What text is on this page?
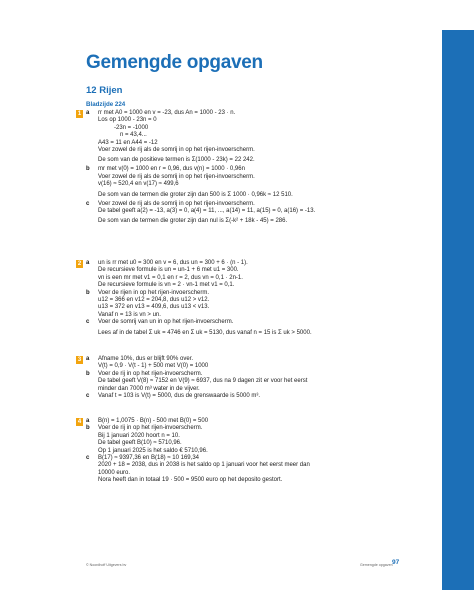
Gemengde opgaven
12 Rijen
Bladzijde 224
1 a rr met A0 = 1000 en v = -23, dus An = 1000 - 23 · n.
Los op 1000 - 23n = 0
-23n = -1000
n = 43,4...
A43 = 11 en A44 = -12
Voer zowel de rij als de somrij in op het rijen-invoerscherm.
De som van de positieve termen is Σ(1000 - 23k) = 22 242.
b mr met v(0) = 1000 en r = 0,96, dus v(n) = 1000 · 0,96n
Voer zowel de rij als de somrij in op het rijen-invoerscherm.
v(16) ≈ 520,4 en v(17) ≈ 499,6
De som van de termen die groter zijn dan 500 is Σ 1000 · 0,96k ≈ 12 510.
c Voer zowel de rij als de somrij in op het rijen-invoerscherm.
De tabel geeft a(2) = -13, a(3) = 0, a(4) = 11, ..., a(14) = 11, a(15) = 0, a(16) = -13.
De som van de termen die groter zijn dan nul is Σ(-k² + 18k - 45) = 286.
2 a un is rr met u0 = 300 en v = 6, dus un = 300 + 6 · (n - 1).
De recursieve formule is un = un-1 + 6 met u1 = 300.
vn is een mr met v1 = 0,1 en r = 2, dus vn = 0,1 · 2n-1.
De recursieve formule is vn = 2 · vn-1 met v1 = 0,1.
b Voer de rijen in op het rijen-invoerscherm.
u12 = 366 en v12 = 204,8, dus u12 > v12.
u13 = 372 en v13 = 409,6, dus u13 < v13.
Vanaf n = 13 is vn > un.
c Voer de somrij van un in op het rijen-invoerscherm.
Lees af in de tabel Σ uk = 4746 en Σ uk = 5130, dus vanaf n = 15 is Σ uk > 5000.
3 a Afname 10%, dus er blijft 90% over.
V(t) = 0,9 · V(t - 1) + 500 met V(0) = 1000
b Voer de rij in op het rijen-invoerscherm.
De tabel geeft V(8) ≈ 7152 en V(9) ≈ 6937, dus na 9 dagen zit er voor het eerst
minder dan 7000 m³ water in de vijver.
c Vanaf t = 103 is V(t) = 5000, dus de grenswaarde is 5000 m³.
4 a B(n) = 1,0075 · B(n) - 500 met B(0) = 500
b Voer de rij in op het rijen-invoerscherm.
Bij 1 januari 2020 hoort n = 10.
De tabel geeft B(10) ≈ 5710,96.
Op 1 januari 2025 is het saldo € 5710,96.
c B(17) ≈ 9397,36 en B(18) ≈ 10 169,34
2020 + 18 = 2038, dus in 2038 is het saldo op 1 januari voor het eerst meer dan
10000 euro.
Nora heeft dan in totaal 19 · 500 = 9500 euro op het deposito gestort.
© Noordhoff Uitgevers bv	Gemengde opgaven 97
